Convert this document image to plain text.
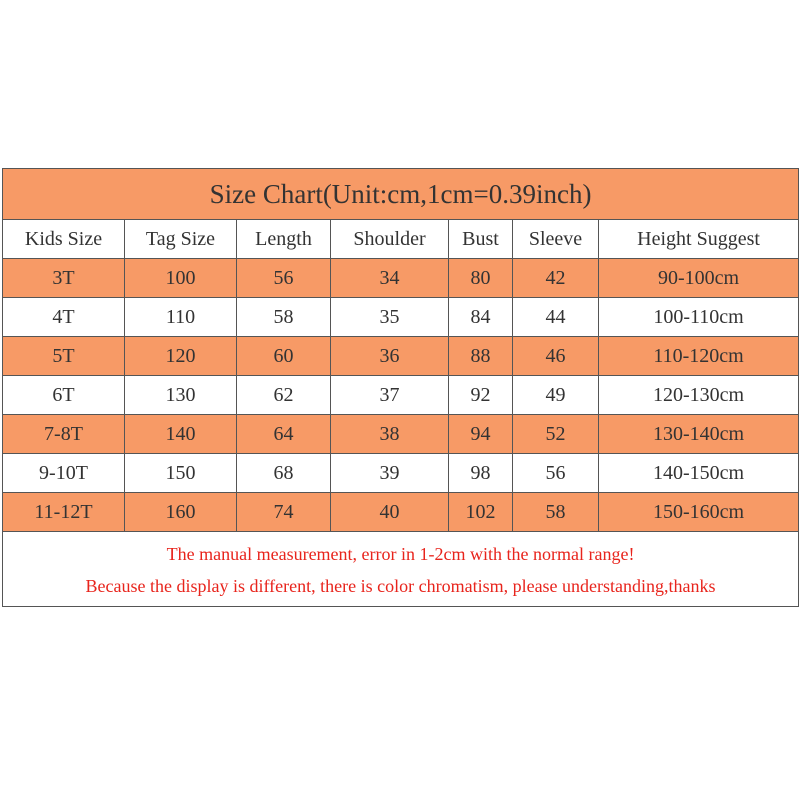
Size Chart(Unit:cm,1cm=0.39inch)						
Kids Size	Tag Size	Length	Shoulder	Bust	Sleeve	Height Suggest
3T	100	56	34	80	42	90-100cm
4T	110	58	35	84	44	100-110cm
5T	120	60	36	88	46	110-120cm
6T	130	62	37	92	49	120-130cm
7-8T	140	64	38	94	52	130-140cm
9-10T	150	68	39	98	56	140-150cm
11-12T	160	74	40	102	58	150-160cm

The manual measurement, error in 1-2cm with the normal range!
Because the display is different, there is color chromatism, please understanding,thanks						
